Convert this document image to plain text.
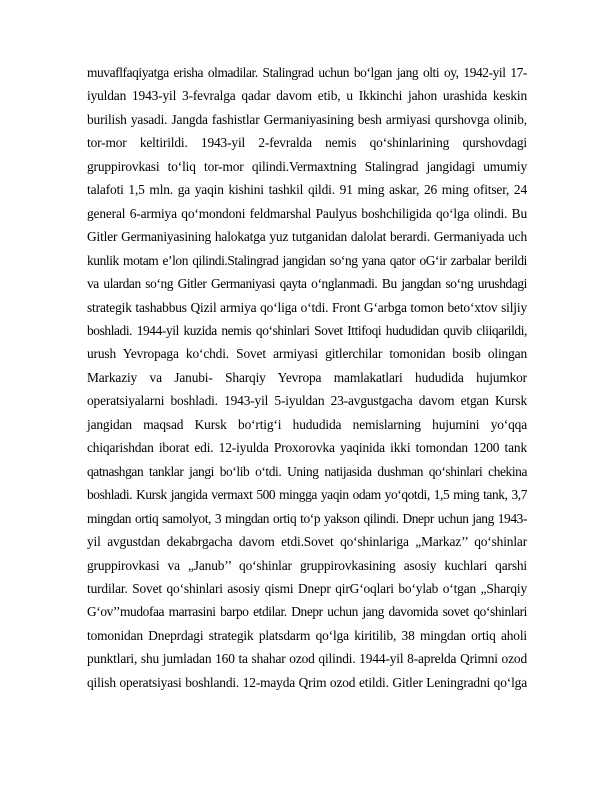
muvaflfaqiyatga erisha olmadilar. Stalingrad uchun bo‘lgan jang olti oy, 1942-yil 17-
iyuldan 1943-yil 3-fevralga qadar davom etib, u Ikkinchi jahon urashida keskin
burilish yasadi. Jangda fashistlar Germaniyasining besh armiyasi qurshovga olinib,
tor-mor keltirildi. 1943-yil 2-fevralda nemis qo‘shinlarining qurshovdagi
gruppirovkasi to‘liq tor-mor qilindi.Vermaxtning Stalingrad jangidagi umumiy
talafoti 1,5 mln. ga yaqin kishini tashkil qildi. 91 ming askar, 26 ming ofitser, 24
general 6-armiya qo‘mondoni feldmarshal Paulyus boshchiligida qo‘lga olindi. Bu
Gitler Germaniyasining halokatga yuz tutganidan dalolat berardi. Germaniyada uch
kunlik motam e’lon qilindi.Stalingrad jangidan so‘ng yana qator oG‘ir zarbalar berildi
va ulardan so‘ng Gitler Germaniyasi qayta o‘nglanmadi. Bu jangdan so‘ng urushdagi
strategik tashabbus Qizil armiya qo‘liga o‘tdi. Front G‘arbga tomon beto‘xtov siljiy
boshladi. 1944-yil kuzida nemis qo‘shinlari Sovet Ittifoqi hududidan quvib cliiqarildi,
urush Yevropaga ko‘chdi. Sovet armiyasi gitlerchilar tomonidan bosib olingan
Markaziy va Janubi- Sharqiy Yevropa mamlakatlari hududida hujumkor
operatsiyalarni boshladi. 1943-yil 5-iyuldan 23-avgustgacha davom etgan Kursk
jangidan maqsad Kursk bo‘rtig‘i hududida nemislarning hujumini yo‘qqa
chiqarishdan iborat edi. 12-iyulda Proxorovka yaqinida ikki tomondan 1200 tank
qatnashgan tanklar jangi bo‘lib o‘tdi. Uning natijasida dushman qo‘shinlari chekina
boshladi. Kursk jangida vermaxt 500 mingga yaqin odam yo‘qotdi, 1,5 ming tank, 3,7
mingdan ortiq samolyot, 3 mingdan ortiq to‘p yakson qilindi. Dnepr uchun jang 1943-
yil avgustdan dekabrgacha davom etdi.Sovet qo‘shinlariga „Markaz’’ qo‘shinlar
gruppirovkasi va „Janub’’ qo‘shinlar gruppirovkasining asosiy kuchlari qarshi
turdilar. Sovet qo‘shinlari asosiy qismi Dnepr qirG‘oqlari bo‘ylab o‘tgan „Sharqiy
G‘ov’’mudofaa marrasini barpo etdilar. Dnepr uchun jang davomida sovet qo‘shinlari
tomonidan Dneprdagi strategik platsdarm qo‘lga kiritilib, 38 mingdan ortiq aholi
punktlari, shu jumladan 160 ta shahar ozod qilindi. 1944-yil 8-aprelda Qrimni ozod
qilish operatsiyasi boshlandi. 12-mayda Qrim ozod etildi. Gitler Leningradni qo‘lga
